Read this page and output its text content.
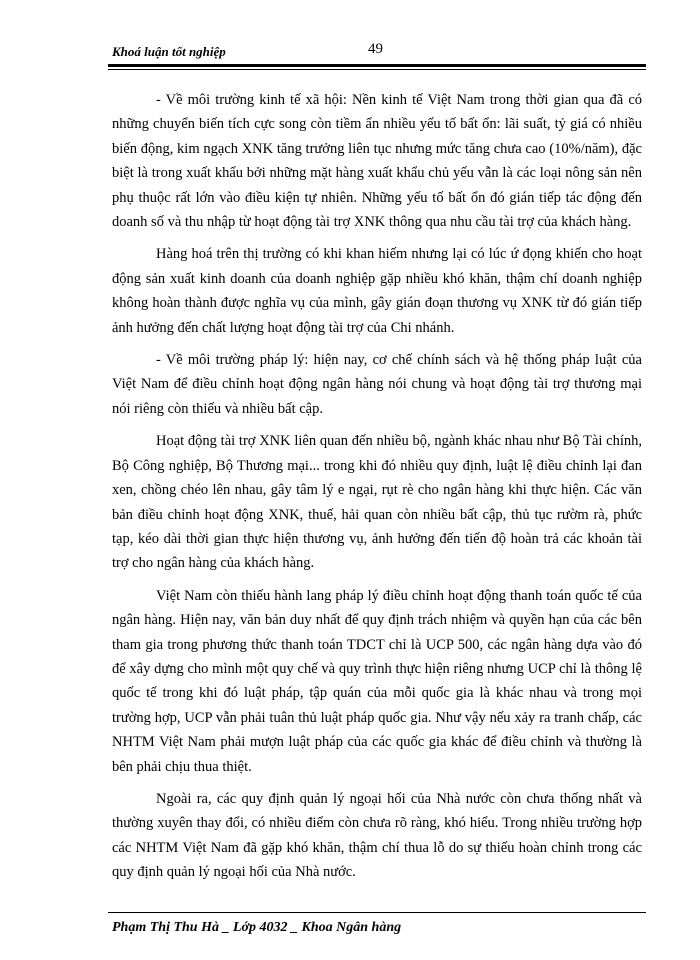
Khoá luận tốt nghiệp	49

- Về môi trường kinh tế xã hội: Nền kinh tế Việt Nam trong thời gian qua đã có những chuyển biến tích cực song còn tiềm ẩn nhiều yếu tố bất ổn: lãi suất, tỷ giá có nhiều biến động, kim ngạch XNK tăng trưởng liên tục nhưng mức tăng chưa cao (10%/năm), đặc biệt là trong xuất khẩu bởi những mặt hàng xuất khẩu chủ yếu vẫn là các loại nông sản nên phụ thuộc rất lớn vào điều kiện tự nhiên. Những yếu tố bất ổn đó gián tiếp tác động đến doanh số và thu nhập từ hoạt động tài trợ XNK thông qua nhu cầu tài trợ của khách hàng.

Hàng hoá trên thị trường có khi khan hiếm nhưng lại có lúc ứ đọng khiến cho hoạt động sản xuất kinh doanh của doanh nghiệp gặp nhiều khó khăn, thậm chí doanh nghiệp không hoàn thành được nghĩa vụ của mình, gây gián đoạn thương vụ XNK từ đó gián tiếp ảnh hưởng đến chất lượng hoạt động tài trợ của Chi nhánh.

- Về môi trường pháp lý: hiện nay, cơ chế chính sách và hệ thống pháp luật của Việt Nam để điều chỉnh hoạt động ngân hàng nói chung và hoạt động tài trợ thương mại nói riêng còn thiếu và nhiều bất cập.

Hoạt động tài trợ XNK liên quan đến nhiều bộ, ngành khác nhau như Bộ Tài chính, Bộ Công nghiệp, Bộ Thương mại... trong khi đó nhiều quy định, luật lệ điều chỉnh lại đan xen, chồng chéo lên nhau, gây tâm lý e ngại, rụt rè cho ngân hàng khi thực hiện. Các văn bản điều chỉnh hoạt động XNK, thuế, hải quan còn nhiều bất cập, thủ tục rườm rà, phức tạp, kéo dài thời gian thực hiện thương vụ, ảnh hưởng đến tiến độ hoàn trả các khoản tài trợ cho ngân hàng của khách hàng.

Việt Nam còn thiếu hành lang pháp lý điều chỉnh hoạt động thanh toán quốc tế của ngân hàng. Hiện nay, văn bản duy nhất để quy định trách nhiệm và quyền hạn của các bên tham gia trong phương thức thanh toán TDCT chỉ là UCP 500, các ngân hàng dựa vào đó để xây dựng cho mình một quy chế và quy trình thực hiện riêng nhưng UCP chỉ là thông lệ quốc tế trong khi đó luật pháp, tập quán của mỗi quốc gia là khác nhau và trong mọi trường hợp, UCP vẫn phải tuân thủ luật pháp quốc gia. Như vậy nếu xảy ra tranh chấp, các NHTM Việt Nam phải mượn luật pháp của các quốc gia khác để điều chỉnh và thường là bên phải chịu thua thiệt.

Ngoài ra, các quy định quản lý ngoại hối của Nhà nước còn chưa thống nhất và thường xuyên thay đổi, có nhiều điểm còn chưa rõ ràng, khó hiểu. Trong nhiều trường hợp các NHTM Việt Nam đã gặp khó khăn, thậm chí thua lỗ do sự thiếu hoàn chỉnh trong các quy định quản lý ngoại hối của Nhà nước.

Phạm Thị Thu Hà _ Lớp 4032 _ Khoa Ngân hàng
